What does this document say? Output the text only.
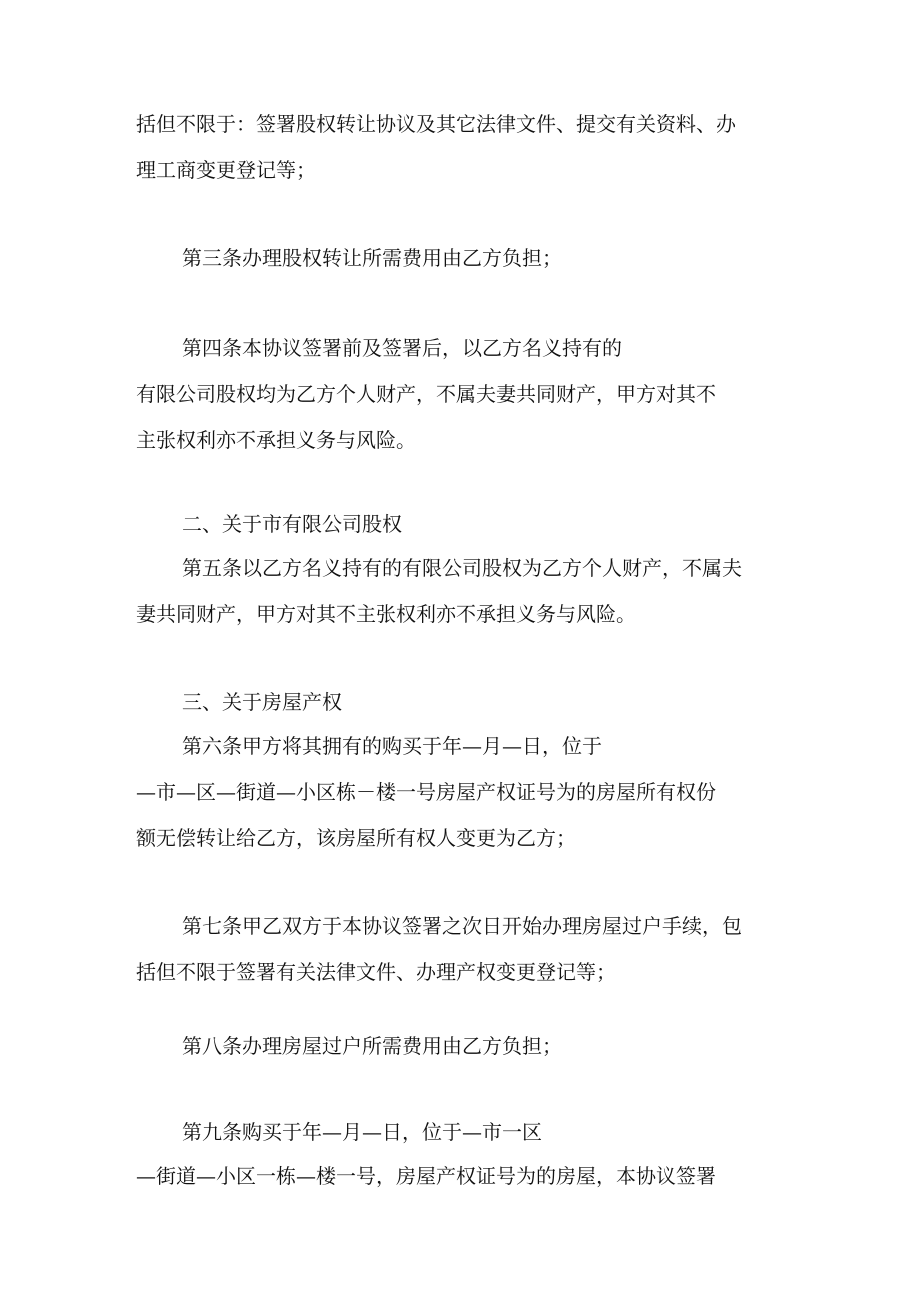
括但不限于：签署股权转让协议及其它法律文件、提交有关资料、办

理工商变更登记等；

第三条办理股权转让所需费用由乙方负担；

第四条本协议签署前及签署后，以乙方名义持有的

有限公司股权均为乙方个人财产，不属夫妻共同财产，甲方对其不

主张权利亦不承担义务与风险。

二、关于市有限公司股权

第五条以乙方名义持有的有限公司股权为乙方个人财产，不属夫

妻共同财产，甲方对其不主张权利亦不承担义务与风险。

三、关于房屋产权

第六条甲方将其拥有的购买于年—月—日，位于

—市—区—街道—小区栋－楼一号房屋产权证号为的房屋所有权份

额无偿转让给乙方，该房屋所有权人变更为乙方；

第七条甲乙双方于本协议签署之次日开始办理房屋过户手续，包

括但不限于签署有关法律文件、办理产权变更登记等；

第八条办理房屋过户所需费用由乙方负担；

第九条购买于年—月—日，位于—市一区

—街道—小区一栋—楼一号，房屋产权证号为的房屋，本协议签署
